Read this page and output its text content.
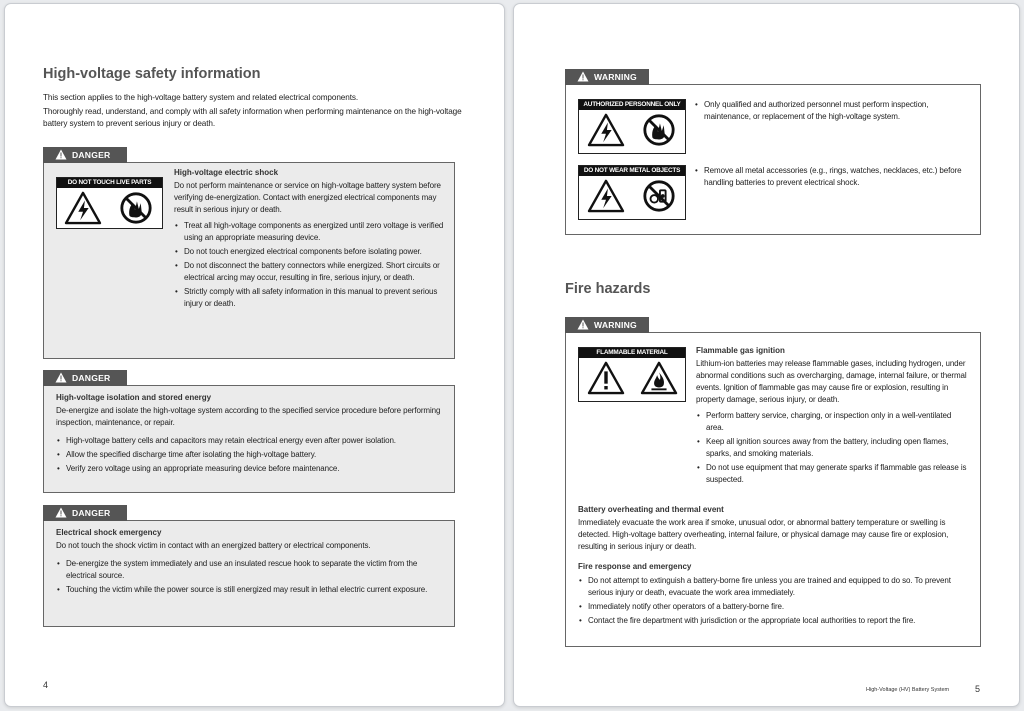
High-voltage safety information

This section applies to the high-voltage battery system and related electrical components.

Thoroughly read, understand, and comply with all safety information when performing maintenance on the high-voltage battery system to prevent serious injury or death.

DANGER
DO NOT TOUCH LIVE PARTS

High-voltage electric shock

Do not perform maintenance or service on high-voltage battery system before verifying de-energization. Contact with energized electrical components may result in serious injury or death.

• Treat all high-voltage components as energized until zero voltage is verified using an appropriate measuring device.
• Do not touch energized electrical components before isolating power.
• Do not disconnect the battery connectors while energized. Short circuits or electrical arcing may occur, resulting in fire, serious injury, or death.
• Strictly comply with all safety information in this manual to prevent serious injury or death.
DANGER

High-voltage isolation and stored energy

De-energize and isolate the high-voltage system according to the specified service procedure before performing inspection, maintenance, or repair.

• High-voltage battery cells and capacitors may retain electrical energy even after power isolation.
• Allow the specified discharge time after isolating the high-voltage battery.
• Verify zero voltage using an appropriate measuring device before maintenance.
DANGER

Electrical shock emergency

Do not touch the shock victim in contact with an energized battery or electrical components.

• De-energize the system immediately and use an insulated rescue hook to separate the victim from the electrical source.
• Touching the victim while the power source is still energized may result in lethal electric current exposure.
4
WARNING
AUTHORIZED PERSONNEL ONLY	• Only qualified and authorized personnel must perform inspection, maintenance, or replacement of the high-voltage system.
DO NOT WEAR METAL OBJECTS	• Remove all metal accessories (e.g., rings, watches, necklaces, etc.) before handling batteries to prevent electrical shock.
Fire hazards
WARNING
FLAMMABLE MATERIAL	Flammable gas ignition

Lithium-ion batteries may release flammable gases, including hydrogen, under abnormal conditions such as overcharging, damage, internal failure, or thermal events. Ignition of flammable gas may cause fire or explosion, resulting in property damage, serious injury, or death.

• Perform battery service, charging, or inspection only in a well-ventilated area.
• Keep all ignition sources away from the battery, including open flames, sparks, and smoking materials.
• Do not use equipment that may generate sparks if flammable gas release is suspected.

Battery overheating and thermal event

Immediately evacuate the work area if smoke, unusual odor, or abnormal battery temperature or swelling is detected. High-voltage battery overheating, internal failure, or physical damage may cause fire or explosion, resulting in serious injury or death.

Fire response and emergency

• Do not attempt to extinguish a battery-borne fire unless you are trained and equipped to do so. To prevent serious injury or death, evacuate the work area immediately.
• Immediately notify other operators of a battery-borne fire.
• Contact the fire department with jurisdiction or the appropriate local authorities to report the fire.
High-Voltage (HV) Battery System	5
